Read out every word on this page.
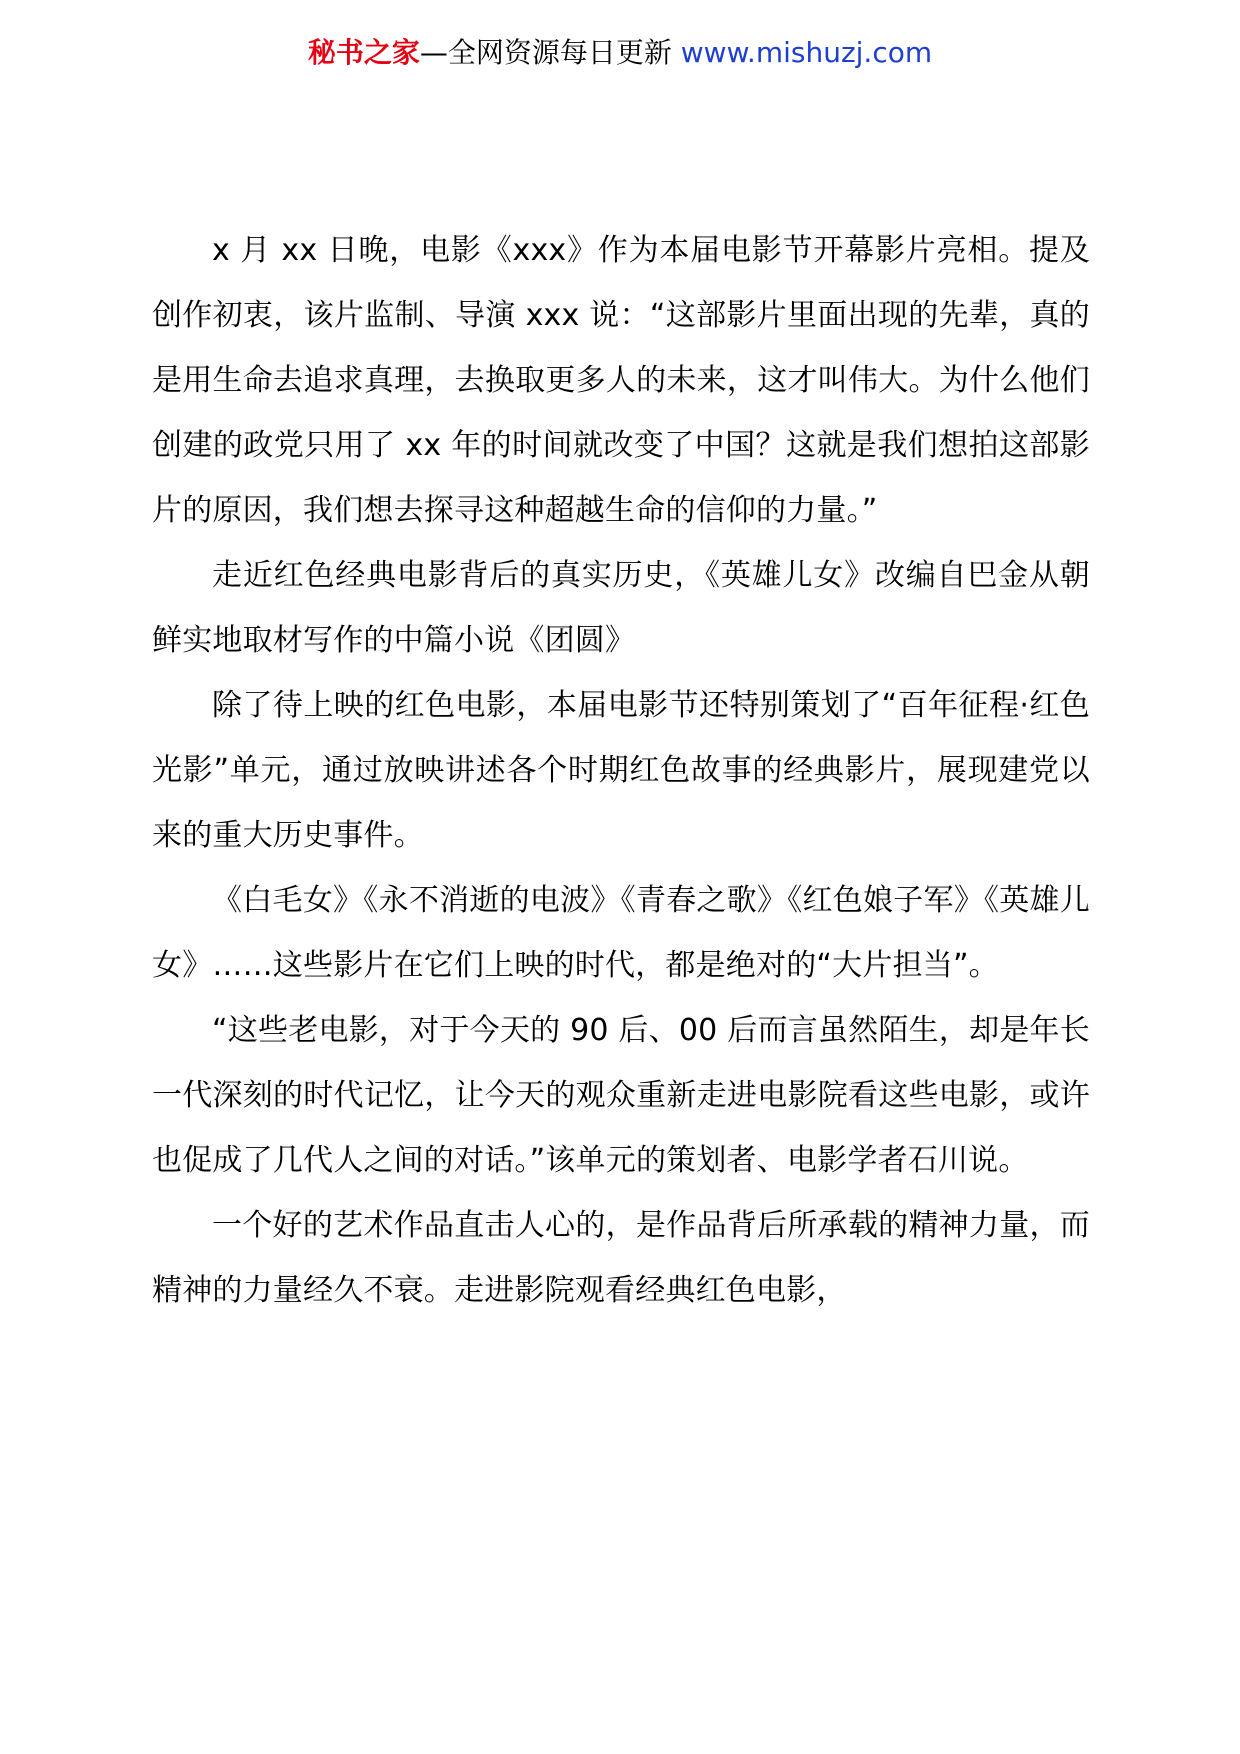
秘书之家—全网资源每日更新 www.mishuzj.com

x 月 xx 日晚，电影《xxx》作为本届电影节开幕影片亮相。提及创作初衷，该片监制、导演 xxx 说：“这部影片里面出现的先辈，真的是用生命去追求真理，去换取更多人的未来，这才叫伟大。为什么他们创建的政党只用了 xx 年的时间就改变了中国？这就是我们想拍这部影片的原因，我们想去探寻这种超越生命的信仰的力量。”

走近红色经典电影背后的真实历史，《英雄儿女》改编自巴金从朝鲜实地取材写作的中篇小说《团圆》

除了待上映的红色电影，本届电影节还特别策划了“百年征程·红色光影”单元，通过放映讲述各个时期红色故事的经典影片，展现建党以来的重大历史事件。

《白毛女》《永不消逝的电波》《青春之歌》《红色娘子军》《英雄儿女》……这些影片在它们上映的时代，都是绝对的“大片担当”。

“这些老电影，对于今天的 90 后、00 后而言虽然陌生，却是年长一代深刻的时代记忆，让今天的观众重新走进电影院看这些电影，或许也促成了几代人之间的对话。”该单元的策划者、电影学者石川说。

一个好的艺术作品直击人心的，是作品背后所承载的精神力量，而精神的力量经久不衰。走进影院观看经典红色电影，
